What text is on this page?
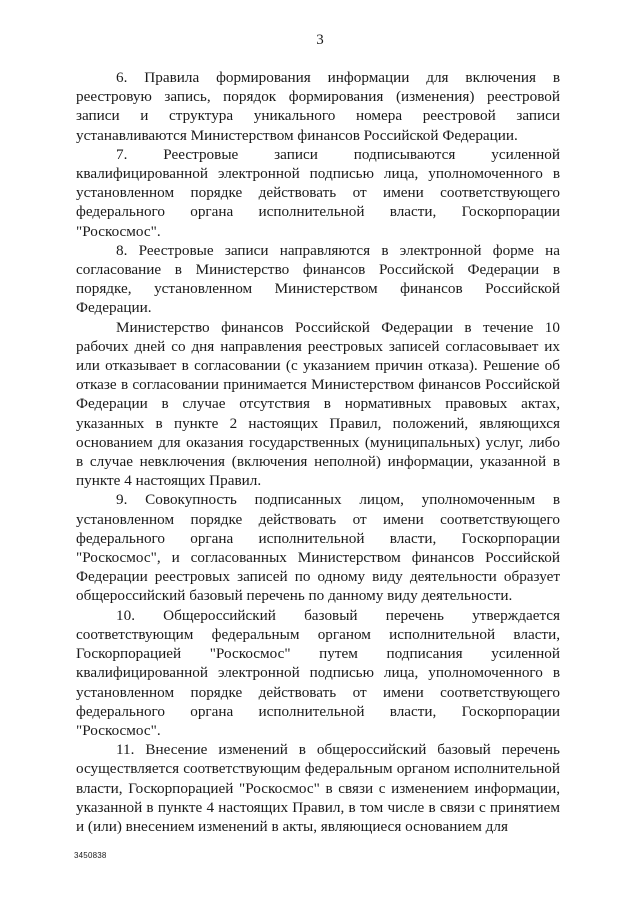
3

6. Правила формирования информации для включения в реестровую запись, порядок формирования (изменения) реестровой записи и структура уникального номера реестровой записи устанавливаются Министерством финансов Российской Федерации.

7. Реестровые записи подписываются усиленной квалифицированной электронной подписью лица, уполномоченного в установленном порядке действовать от имени соответствующего федерального органа исполнительной власти, Госкорпорации "Роскосмос".

8. Реестровые записи направляются в электронной форме на согласование в Министерство финансов Российской Федерации в порядке, установленном Министерством финансов Российской Федерации.

Министерство финансов Российской Федерации в течение 10 рабочих дней со дня направления реестровых записей согласовывает их или отказывает в согласовании (с указанием причин отказа). Решение об отказе в согласовании принимается Министерством финансов Российской Федерации в случае отсутствия в нормативных правовых актах, указанных в пункте 2 настоящих Правил, положений, являющихся основанием для оказания государственных (муниципальных) услуг, либо в случае невключения (включения неполной) информации, указанной в пункте 4 настоящих Правил.

9. Совокупность подписанных лицом, уполномоченным в установленном порядке действовать от имени соответствующего федерального органа исполнительной власти, Госкорпорации "Роскосмос", и согласованных Министерством финансов Российской Федерации реестровых записей по одному виду деятельности образует общероссийский базовый перечень по данному виду деятельности.

10. Общероссийский базовый перечень утверждается соответствующим федеральным органом исполнительной власти, Госкорпорацией "Роскосмос" путем подписания усиленной квалифицированной электронной подписью лица, уполномоченного в установленном порядке действовать от имени соответствующего федерального органа исполнительной власти, Госкорпорации "Роскосмос".

11. Внесение изменений в общероссийский базовый перечень осуществляется соответствующим федеральным органом исполнительной власти, Госкорпорацией "Роскосмос" в связи с изменением информации, указанной в пункте 4 настоящих Правил, в том числе в связи с принятием и (или) внесением изменений в акты, являющиеся основанием для

3450838
